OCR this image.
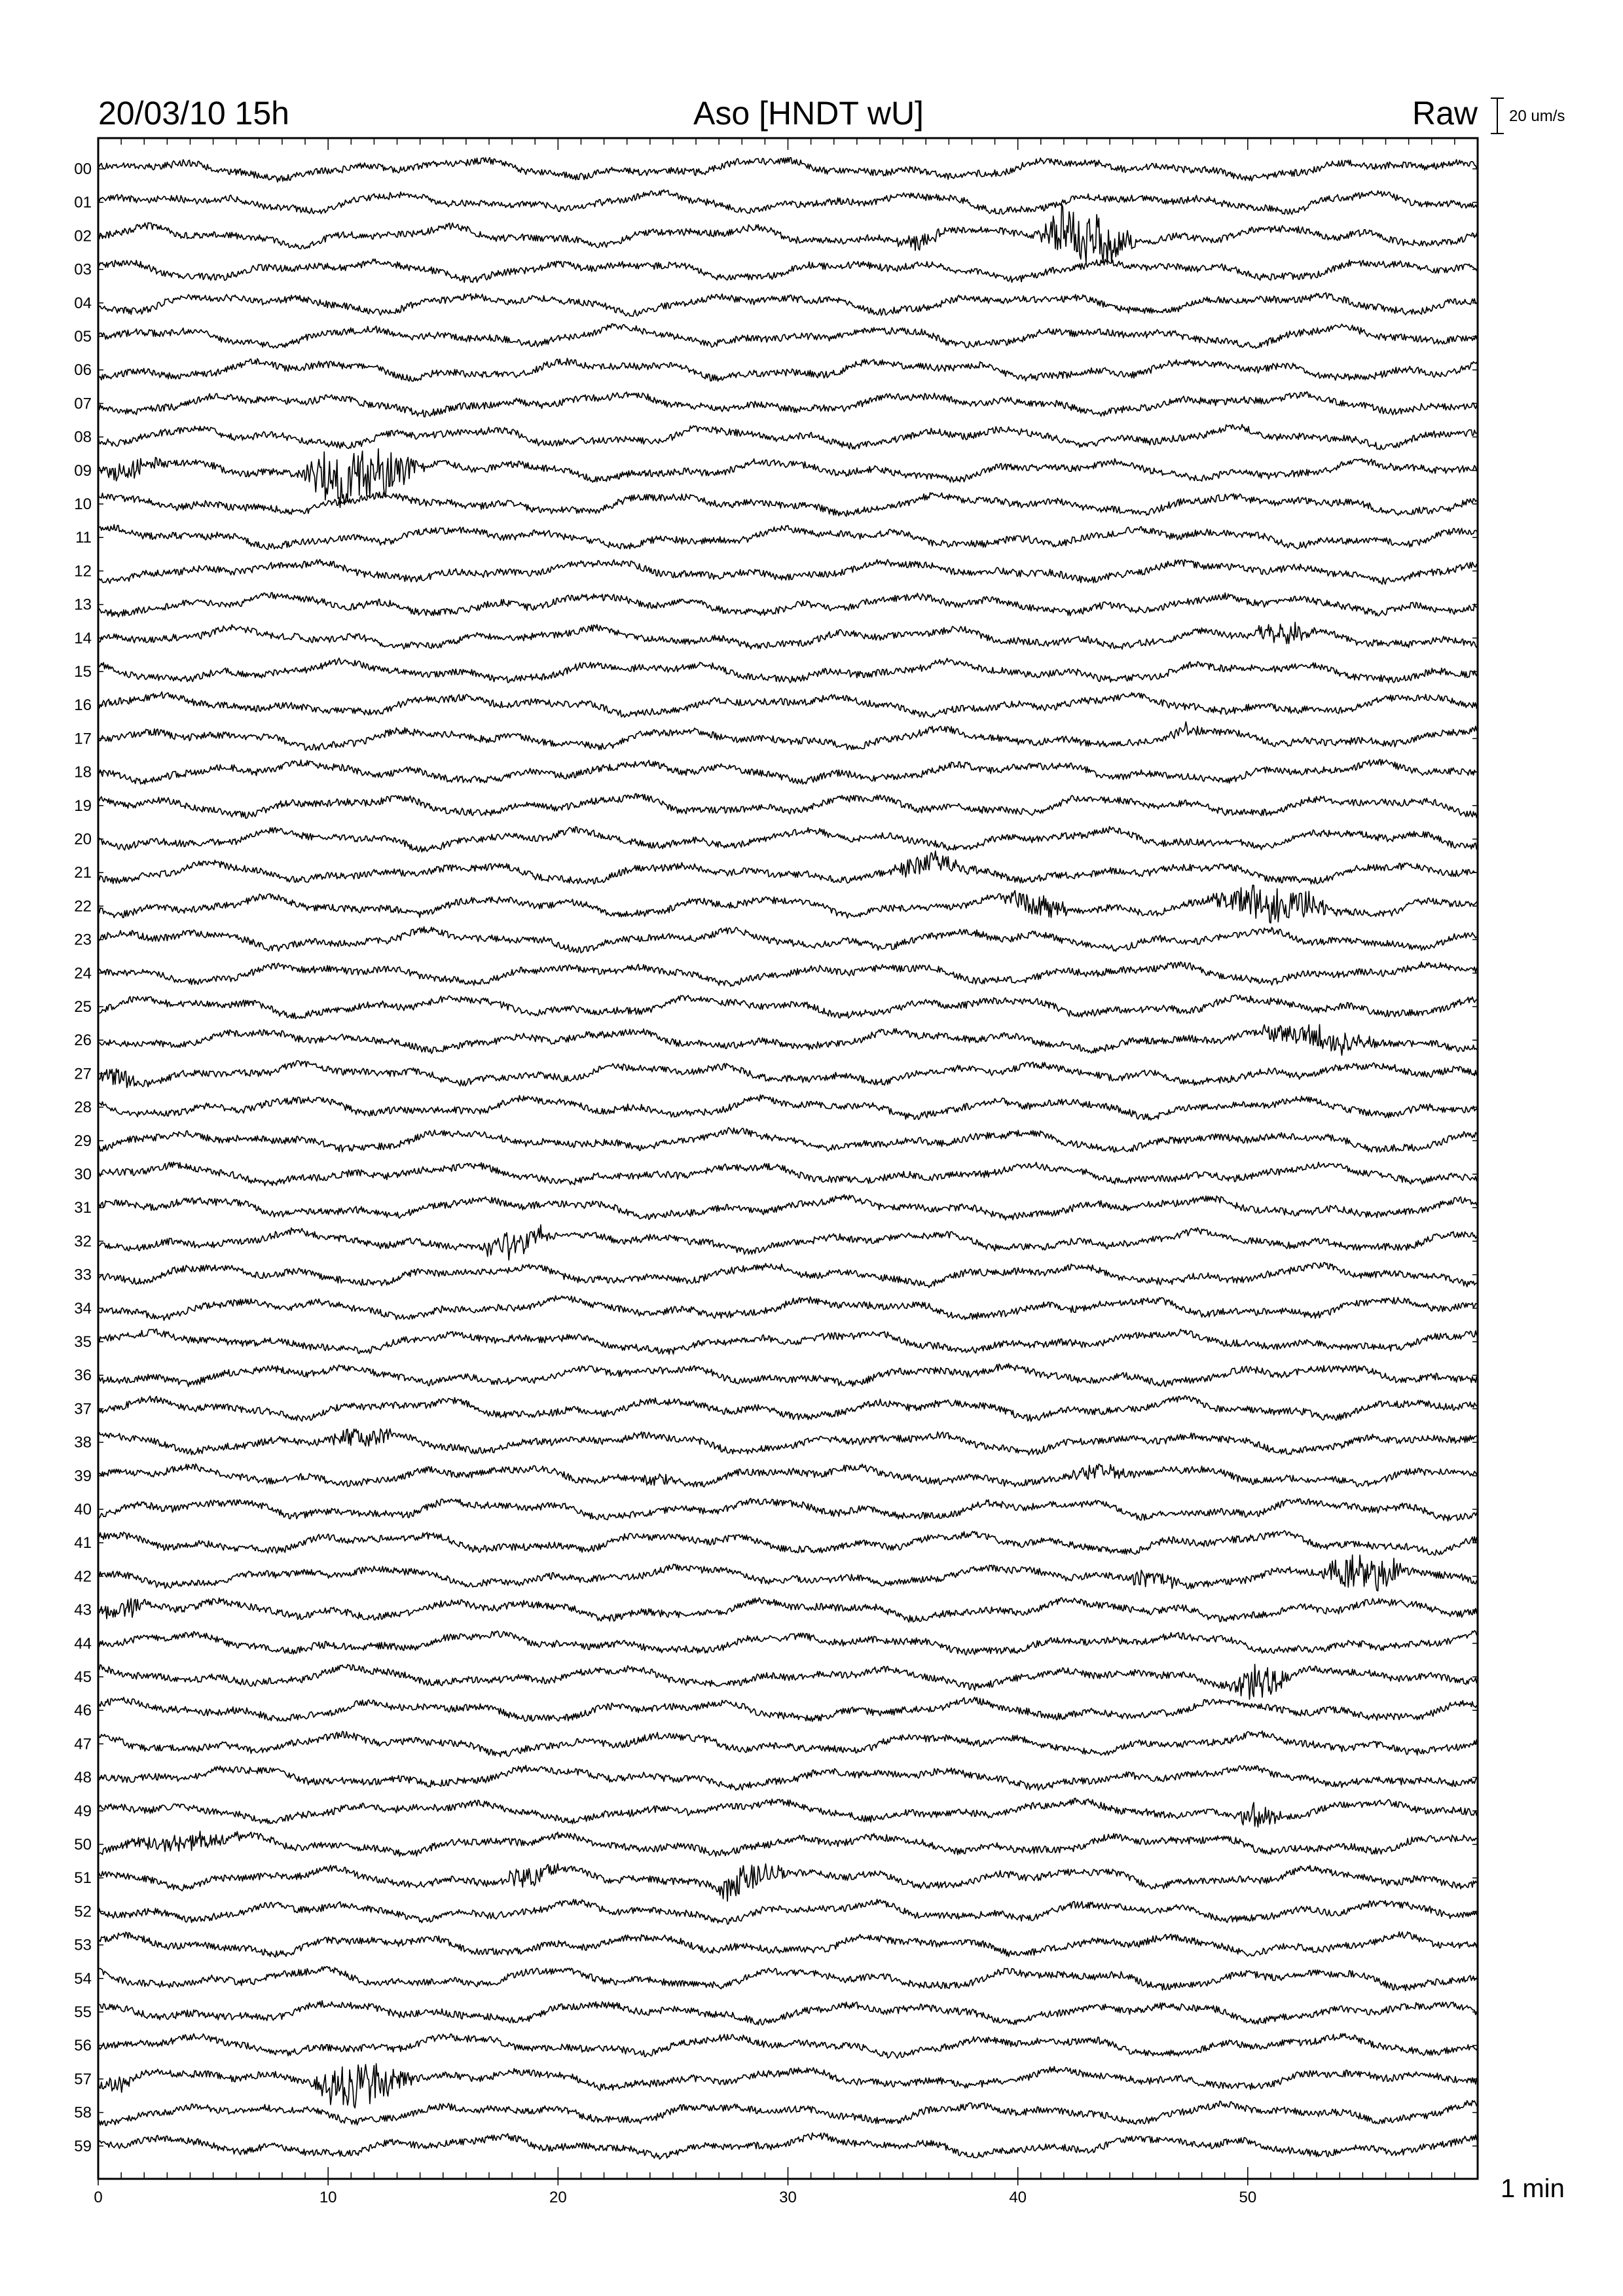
20/03/10 15h	Aso [HNDT wU]	Raw 20 um/s
00
01
02
03
04
05
06
07
08
09
10
11
12
13
14
15
16
17
18
19
20
21
22
23
24
25
26
27
28
29
30
31
32
33
34
35
36
37
38
39
40
41
42
43
44
45
46
47
48
49
50
51
52
53
54
55
56
57
58
59
0	10	20	30	40	50	1 min
